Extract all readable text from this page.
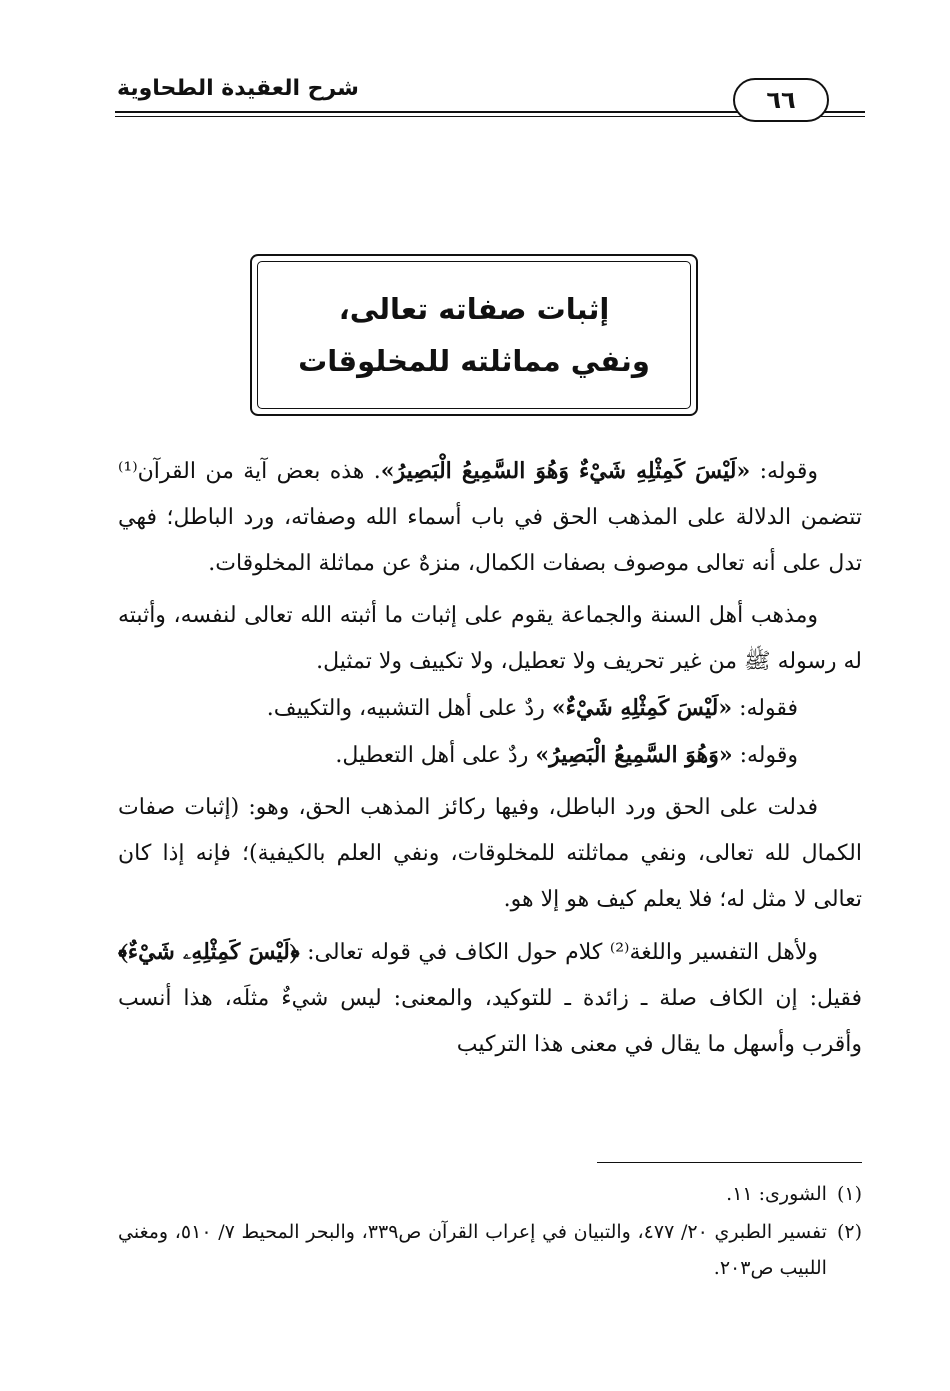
شرح العقيدة الطحاوية	٦٦
إثبات صفاته تعالى،
ونفي مماثلته للمخلوقات

وقوله: «لَيْسَ كَمِثْلِهِ شَيْءٌ وَهُوَ السَّمِيعُ الْبَصِيرُ». هذه بعض آية من القرآن⁽¹⁾ تتضمن الدلالة على المذهب الحق في باب أسماء الله وصفاته، ورد الباطل؛ فهي تدل على أنه تعالى موصوف بصفات الكمال، منزهٌ عن مماثلة المخلوقات.

ومذهب أهل السنة والجماعة يقوم على إثبات ما أثبته الله تعالى لنفسه، وأثبته له رسوله ﷺ من غير تحريف ولا تعطيل، ولا تكييف ولا تمثيل.

فقوله: «لَيْسَ كَمِثْلِهِ شَيْءٌ» ردٌ على أهل التشبيه، والتكييف.

وقوله: «وَهُوَ السَّمِيعُ الْبَصِيرُ» ردٌ على أهل التعطيل.

فدلت على الحق ورد الباطل، وفيها ركائز المذهب الحق، وهو: (إثبات صفات الكمال لله تعالى، ونفي مماثلته للمخلوقات، ونفي العلم بالكيفية)؛ فإنه إذا كان تعالى لا مثل له؛ فلا يعلم كيف هو إلا هو.

ولأهل التفسير واللغة⁽²⁾ كلام حول الكاف في قوله تعالى: ﴿لَيْسَ كَمِثْلِهِۦ شَيْءٌ﴾ فقيل: إن الكاف صلة ـ زائدة ـ للتوكيد، والمعنى: ليس شيءٌ مثلَه، هذا أنسب وأقرب وأسهل ما يقال في معنى هذا التركيب

(١)
الشورى: ١١.
(٢)
تفسير الطبري ٢٠/ ٤٧٧، والتبيان في إعراب القرآن ص٣٣٩، والبحر المحيط ٧/ ٥١٠، ومغني اللبيب ص٢٠٣.
